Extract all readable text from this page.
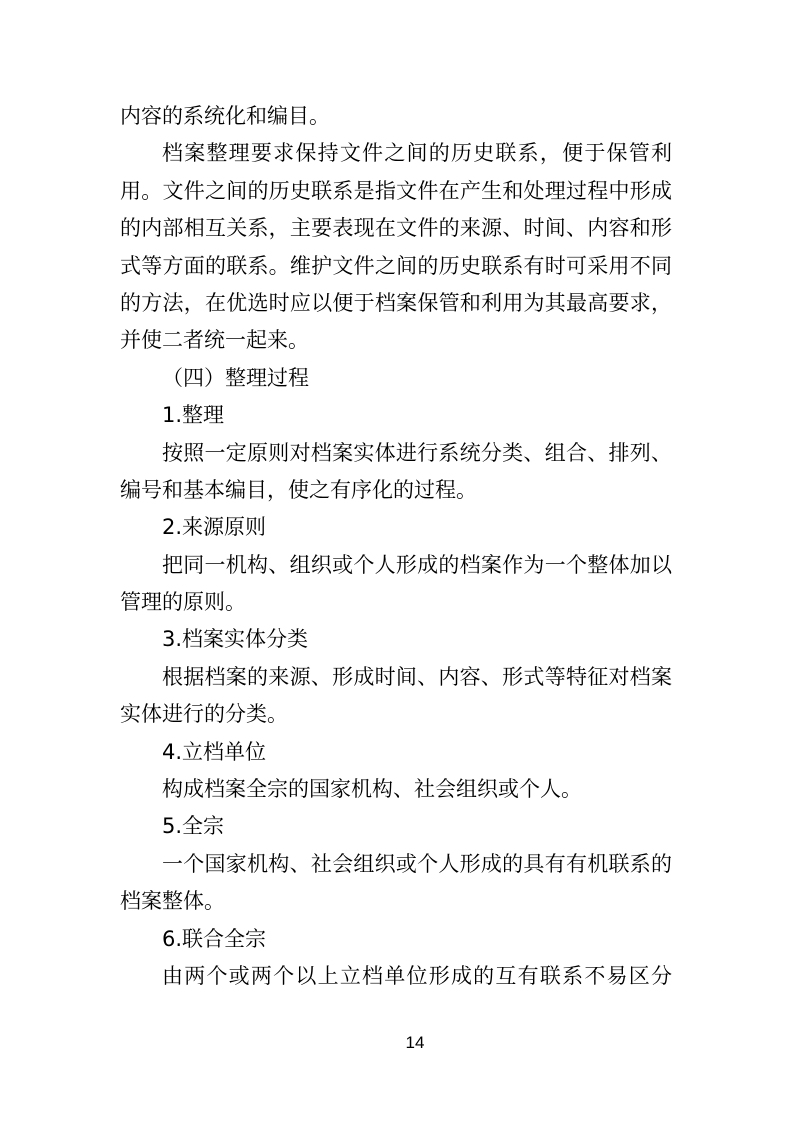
内容的系统化和编目。
档案整理要求保持文件之间的历史联系，便于保管利
用。文件之间的历史联系是指文件在产生和处理过程中形成
的内部相互关系，主要表现在文件的来源、时间、内容和形
式等方面的联系。维护文件之间的历史联系有时可采用不同
的方法，在优选时应以便于档案保管和利用为其最高要求，
并使二者统一起来。
（四）整理过程
1.整理
按照一定原则对档案实体进行系统分类、组合、排列、
编号和基本编目，使之有序化的过程。
2.来源原则
把同一机构、组织或个人形成的档案作为一个整体加以
管理的原则。
3.档案实体分类
根据档案的来源、形成时间、内容、形式等特征对档案
实体进行的分类。
4.立档单位
构成档案全宗的国家机构、社会组织或个人。
5.全宗
一个国家机构、社会组织或个人形成的具有有机联系的
档案整体。
6.联合全宗
由两个或两个以上立档单位形成的互有联系不易区分
14
